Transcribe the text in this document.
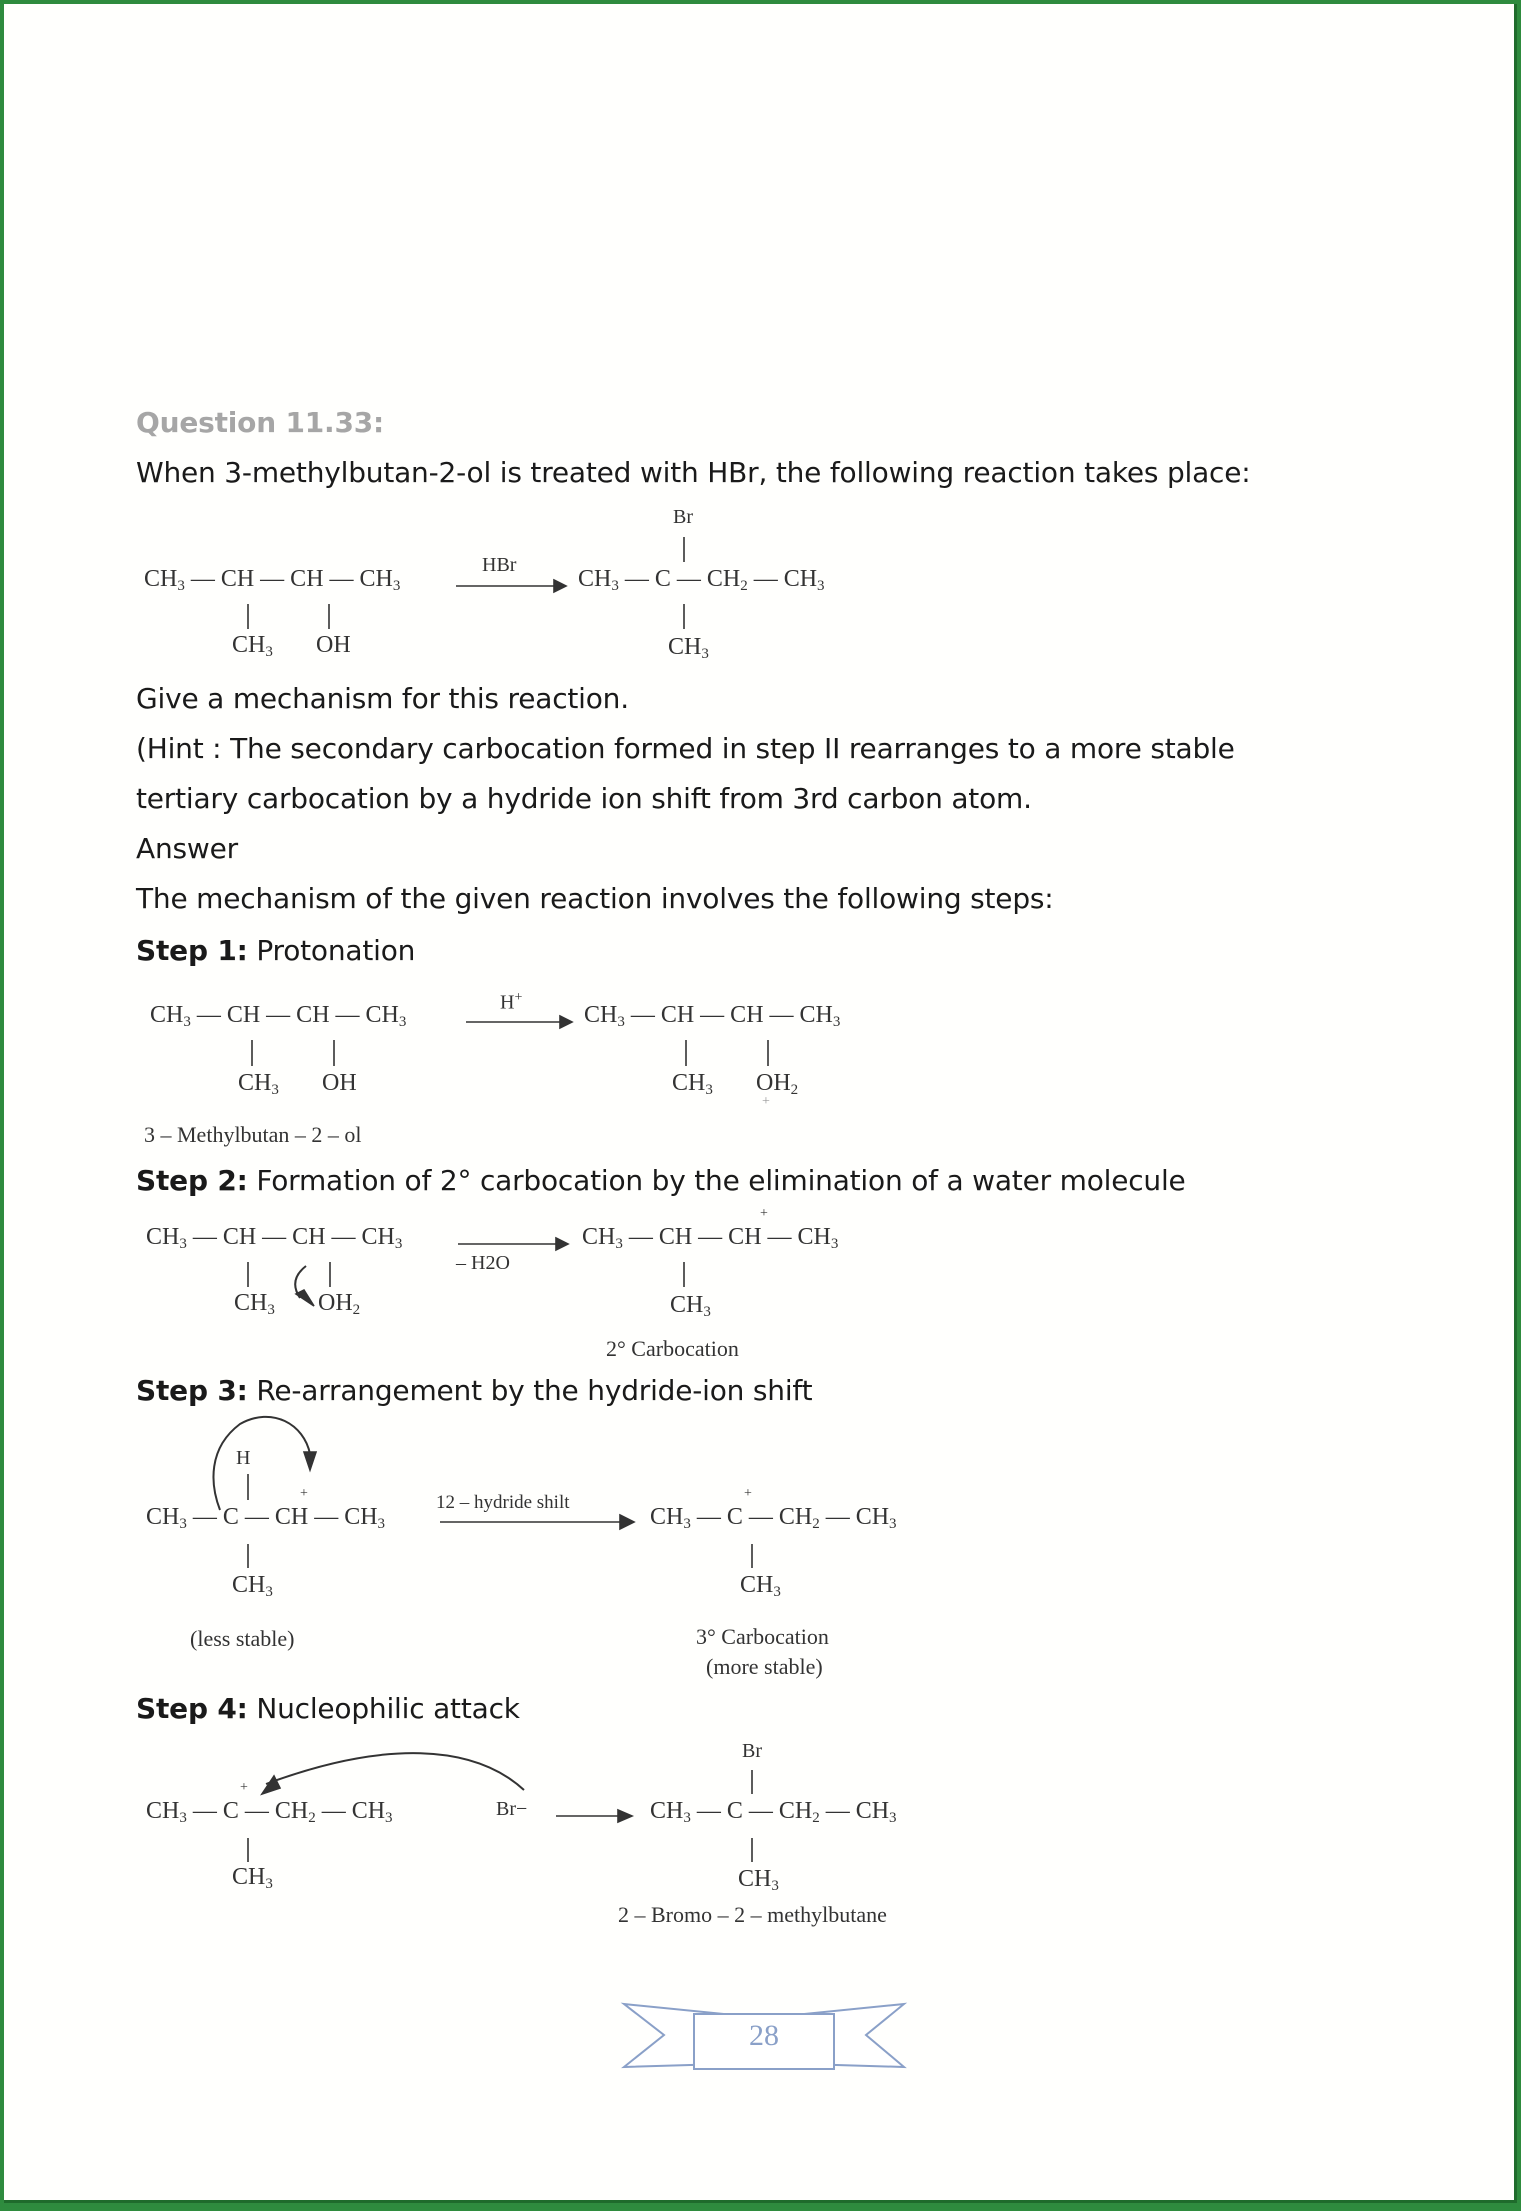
Question 11.33:
When 3-methylbutan-2-ol is treated with HBr, the following reaction takes place:
$CH_3$ — CH — CH — $CH_3$
$CH_3$ OH
HBr
$CH_3$ — C — $CH_2$ — $CH_3$
Br
$CH_3$
Give a mechanism for this reaction.
(Hint : The secondary carbocation formed in step II rearranges to a more stable
tertiary carbocation by a hydride ion shift from 3rd carbon atom.
Answer
The mechanism of the given reaction involves the following steps:
Step 1: Protonation
$CH_3$ — CH — CH — $CH_3$
$CH_3$ OH
H+
$CH_3$ — CH — CH — $CH_3$
$CH_3$ $OH_2$
+
3 – Methylbutan – 2 – ol
Step 2: Formation of 2° carbocation by the elimination of a water molecule
$CH_3$ — CH — CH — $CH_3$
$CH_3$ $OH_2$
– H2O
$CH_3$ — CH — CH — $CH_3$
+
$CH_3$
2° Carbocation
Step 3: Re-arrangement by the hydride-ion shift
H
$CH_3$ — C — CH — $CH_3$
+
$CH_3$
(less stable)
12 – hydride shilt
$CH_3$ — C — $CH_2$ — $CH_3$
+
$CH_3$
3° Carbocation
(more stable)
Step 4: Nucleophilic attack
$CH_3$ — C — $CH_2$ — $CH_3$
+
$CH_3$
Br−	$CH_3$ — C — $CH_2$ — $CH_3$
Br
$CH_3$
2 – Bromo – 2 – methylbutane
28
